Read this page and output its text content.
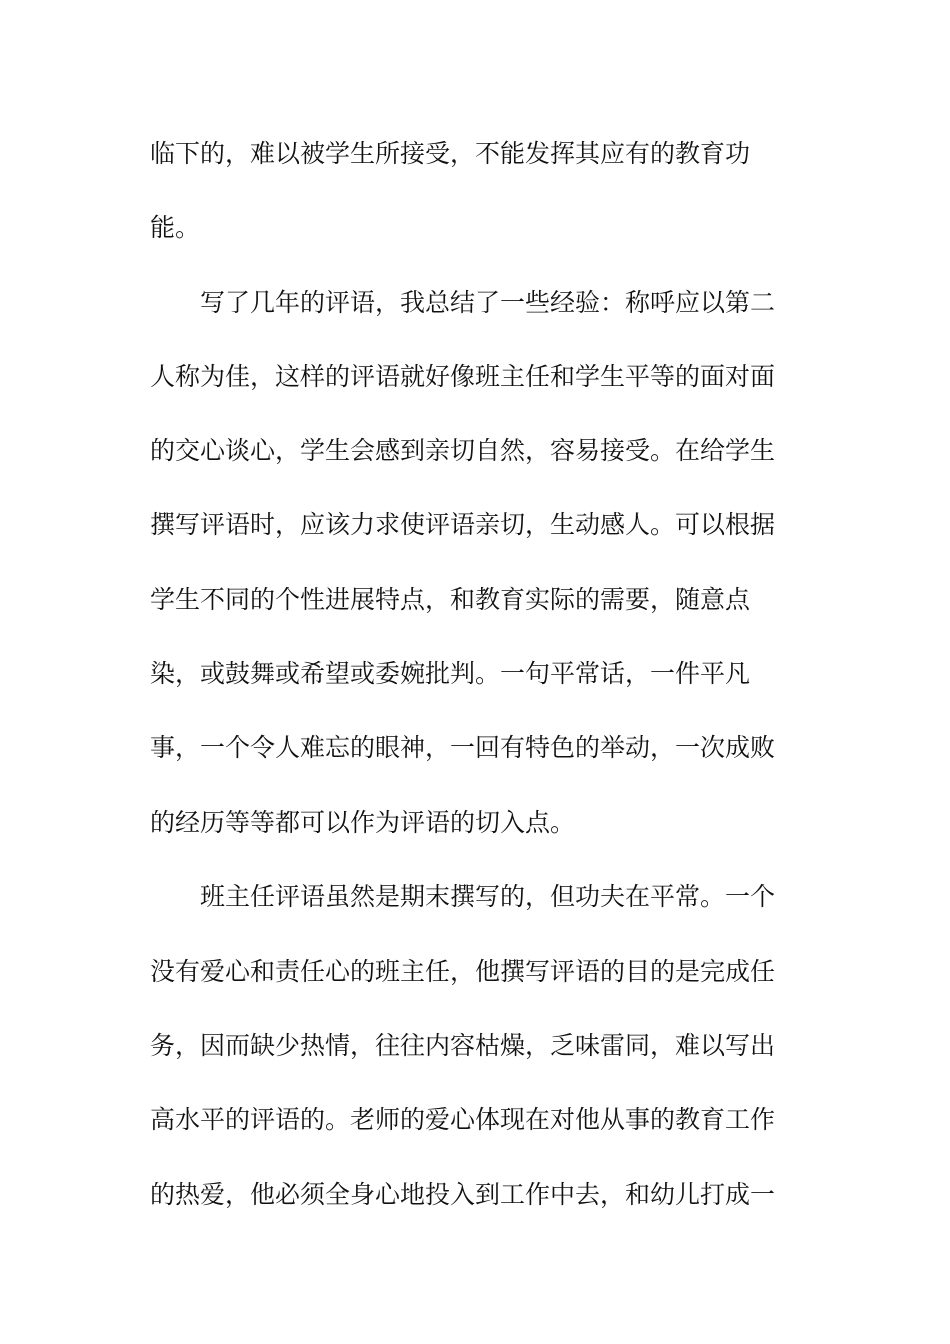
临下的，难以被学生所接受，不能发挥其应有的教育功
能。
写了几年的评语，我总结了一些经验：称呼应以第二
人称为佳，这样的评语就好像班主任和学生平等的面对面
的交心谈心，学生会感到亲切自然，容易接受。在给学生
撰写评语时，应该力求使评语亲切，生动感人。可以根据
学生不同的个性进展特点，和教育实际的需要，随意点
染，或鼓舞或希望或委婉批判。一句平常话，一件平凡
事，一个令人难忘的眼神，一回有特色的举动，一次成败
的经历等等都可以作为评语的切入点。
班主任评语虽然是期末撰写的，但功夫在平常。一个
没有爱心和责任心的班主任，他撰写评语的目的是完成任
务，因而缺少热情，往往内容枯燥，乏味雷同，难以写出
高水平的评语的。老师的爱心体现在对他从事的教育工作
的热爱，他必须全身心地投入到工作中去，和幼儿打成一
